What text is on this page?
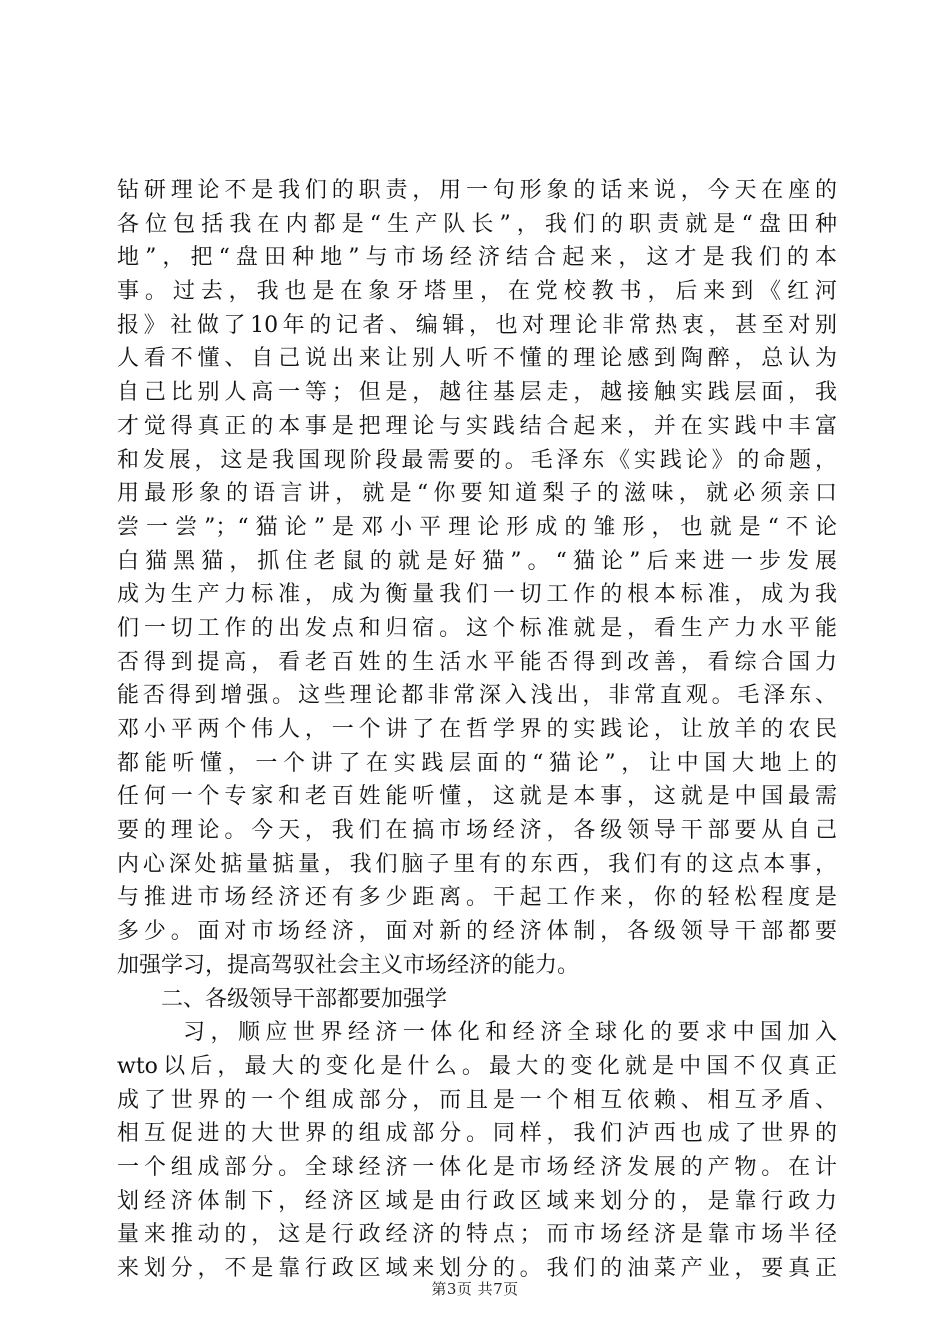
钻研理论不是我们的职责，用一句形象的话来说，今天在座的
各位包括我在内都是“生产队长”，我们的职责就是“盘田种
地”，把“盘田种地”与市场经济结合起来，这才是我们的本
事。过去，我也是在象牙塔里，在党校教书，后来到《红河
报》社做了10年的记者、编辑，也对理论非常热衷，甚至对别
人看不懂、自己说出来让别人听不懂的理论感到陶醉，总认为
自己比别人高一等；但是，越往基层走，越接触实践层面，我
才觉得真正的本事是把理论与实践结合起来，并在实践中丰富
和发展，这是我国现阶段最需要的。毛泽东《实践论》的命题，
用最形象的语言讲，就是“你要知道梨子的滋味，就必须亲口
尝一尝”；“猫论”是邓小平理论形成的雏形，也就是“不论
白猫黑猫，抓住老鼠的就是好猫”。“猫论”后来进一步发展
成为生产力标准，成为衡量我们一切工作的根本标准，成为我
们一切工作的出发点和归宿。这个标准就是，看生产力水平能
否得到提高，看老百姓的生活水平能否得到改善，看综合国力
能否得到增强。这些理论都非常深入浅出，非常直观。毛泽东、
邓小平两个伟人，一个讲了在哲学界的实践论，让放羊的农民
都能听懂，一个讲了在实践层面的“猫论”，让中国大地上的
任何一个专家和老百姓能听懂，这就是本事，这就是中国最需
要的理论。今天，我们在搞市场经济，各级领导干部要从自己
内心深处掂量掂量，我们脑子里有的东西，我们有的这点本事，
与推进市场经济还有多少距离。干起工作来，你的轻松程度是
多少。面对市场经济，面对新的经济体制，各级领导干部都要
加强学习，提高驾驭社会主义市场经济的能力。
二、各级领导干部都要加强学
习，顺应世界经济一体化和经济全球化的要求中国加入
wto以后，最大的变化是什么。最大的变化就是中国不仅真正
成了世界的一个组成部分，而且是一个相互依赖、相互矛盾、
相互促进的大世界的组成部分。同样，我们泸西也成了世界的
一个组成部分。全球经济一体化是市场经济发展的产物。在计
划经济体制下，经济区域是由行政区域来划分的，是靠行政力
量来推动的，这是行政经济的特点；而市场经济是靠市场半径
来划分，不是靠行政区域来划分的。我们的油菜产业，要真正
第3页 共7页
